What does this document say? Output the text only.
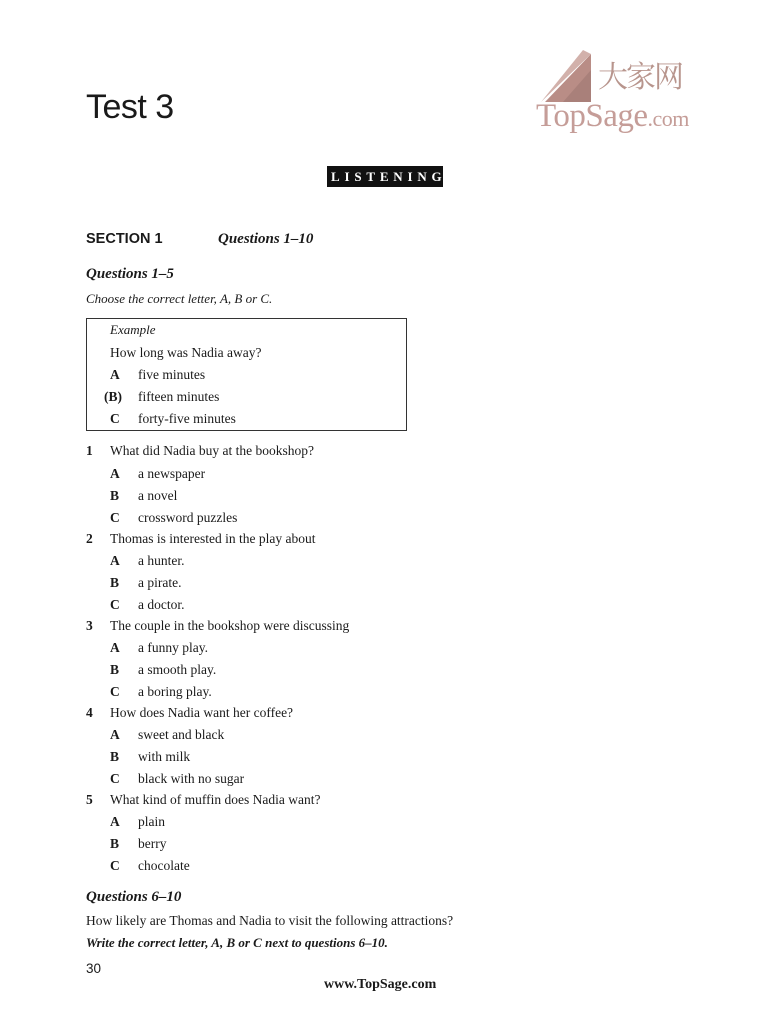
Test 3
大家网
TopSage.com
LISTENING
SECTION 1	Questions 1–10
Questions 1–5
Choose the correct letter, A, B or C.
Example
How long was Nadia away?
A five minutes
(B) fifteen minutes
C forty-five minutes
1 What did Nadia buy at the bookshop?
A a newspaper
B a novel
C crossword puzzles
2 Thomas is interested in the play about
A a hunter.
B a pirate.
C a doctor.
3 The couple in the bookshop were discussing
A a funny play.
B a smooth play.
C a boring play.
4 How does Nadia want her coffee?
A sweet and black
B with milk
C black with no sugar
5 What kind of muffin does Nadia want?
A plain
B berry
C chocolate
Questions 6–10
How likely are Thomas and Nadia to visit the following attractions?
Write the correct letter, A, B or C next to questions 6–10.
30
www.TopSage.com
